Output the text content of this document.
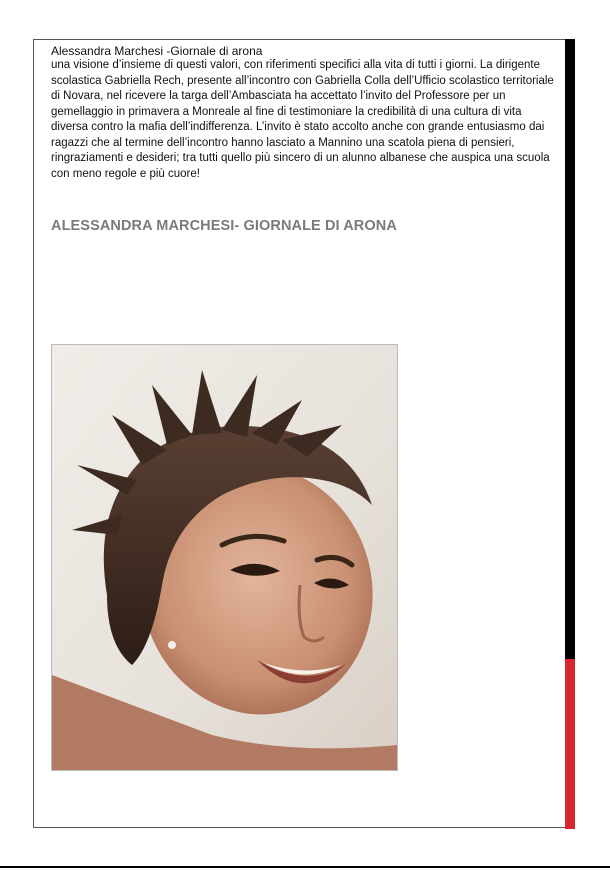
Alessandra Marchesi -Giornale di arona

una visione d’insieme di questi valori, con riferimenti specifici alla vita di tutti i giorni. La dirigente scolastica Gabriella Rech, presente all’incontro con Gabriella Colla dell’Ufficio scolastico territoriale di Novara, nel ricevere la targa dell’Ambasciata ha accettato l’invito del Professore per un gemellaggio in primavera a Monreale al fine di testimoniare la credibilità di una cultura di vita diversa contro la mafia dell’indifferenza. L’invito è stato accolto anche con grande entusiasmo dai ragazzi che al termine dell’incontro hanno lasciato a Mannino una scatola piena di pensieri, ringraziamenti e desideri; tra tutti quello più sincero di un alunno albanese che auspica una scuola con meno regole e più cuore!

ALESSANDRA MARCHESI- GIORNALE DI ARONA
